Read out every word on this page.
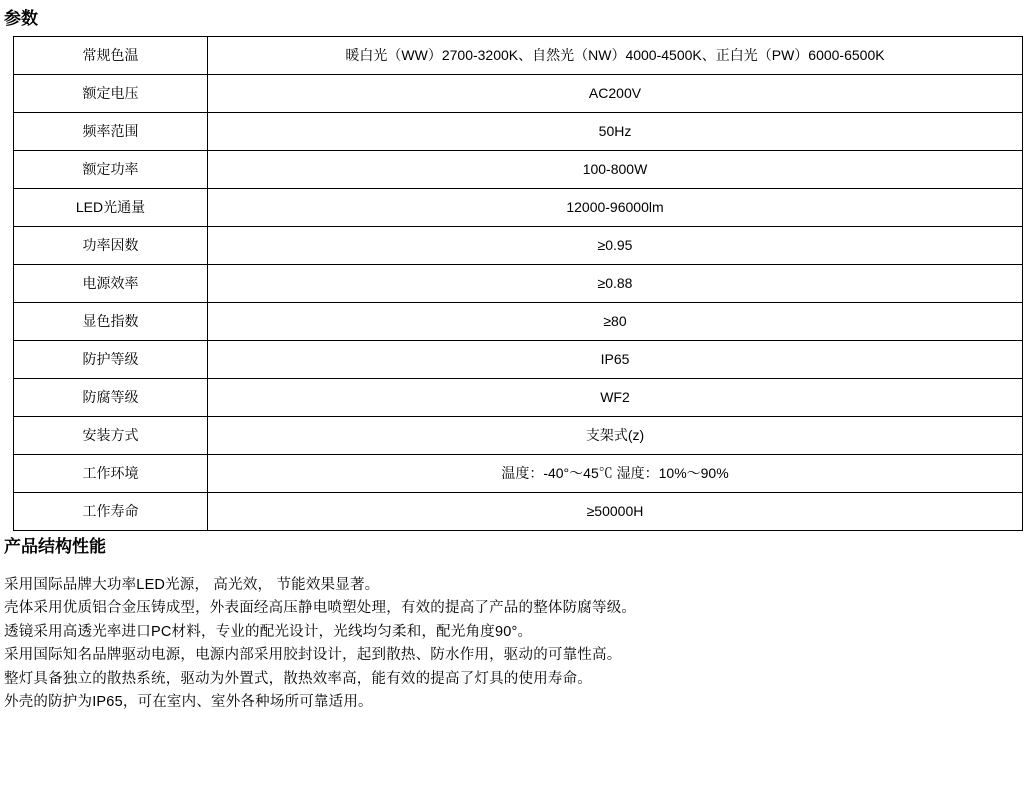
参数
常规色温	暖白光（WW）2700-3200K、自然光（NW）4000-4500K、正白光（PW）6000-6500K
额定电压	AC200V
频率范围	50Hz
额定功率	100-800W
LED光通量	12000-96000lm
功率因数	≥0.95
电源效率	≥0.88
显色指数	≥80
防护等级	IP65
防腐等级	WF2
安装方式	支架式(z)
工作环境	温度：-40°～45℃ 湿度：10%～90%
工作寿命	≥50000H
产品结构性能

采用国际品牌大功率LED光源， 高光效， 节能效果显著。

壳体采用优质铝合金压铸成型，外表面经高压静电喷塑处理，有效的提高了产品的整体防腐等级。

透镜采用高透光率进口PC材料，专业的配光设计，光线均匀柔和，配光角度90°。

采用国际知名品牌驱动电源，电源内部采用胶封设计，起到散热、防水作用，驱动的可靠性高。

整灯具备独立的散热系统，驱动为外置式，散热效率高，能有效的提高了灯具的使用寿命。

外壳的防护为IP65，可在室内、室外各种场所可靠适用。
